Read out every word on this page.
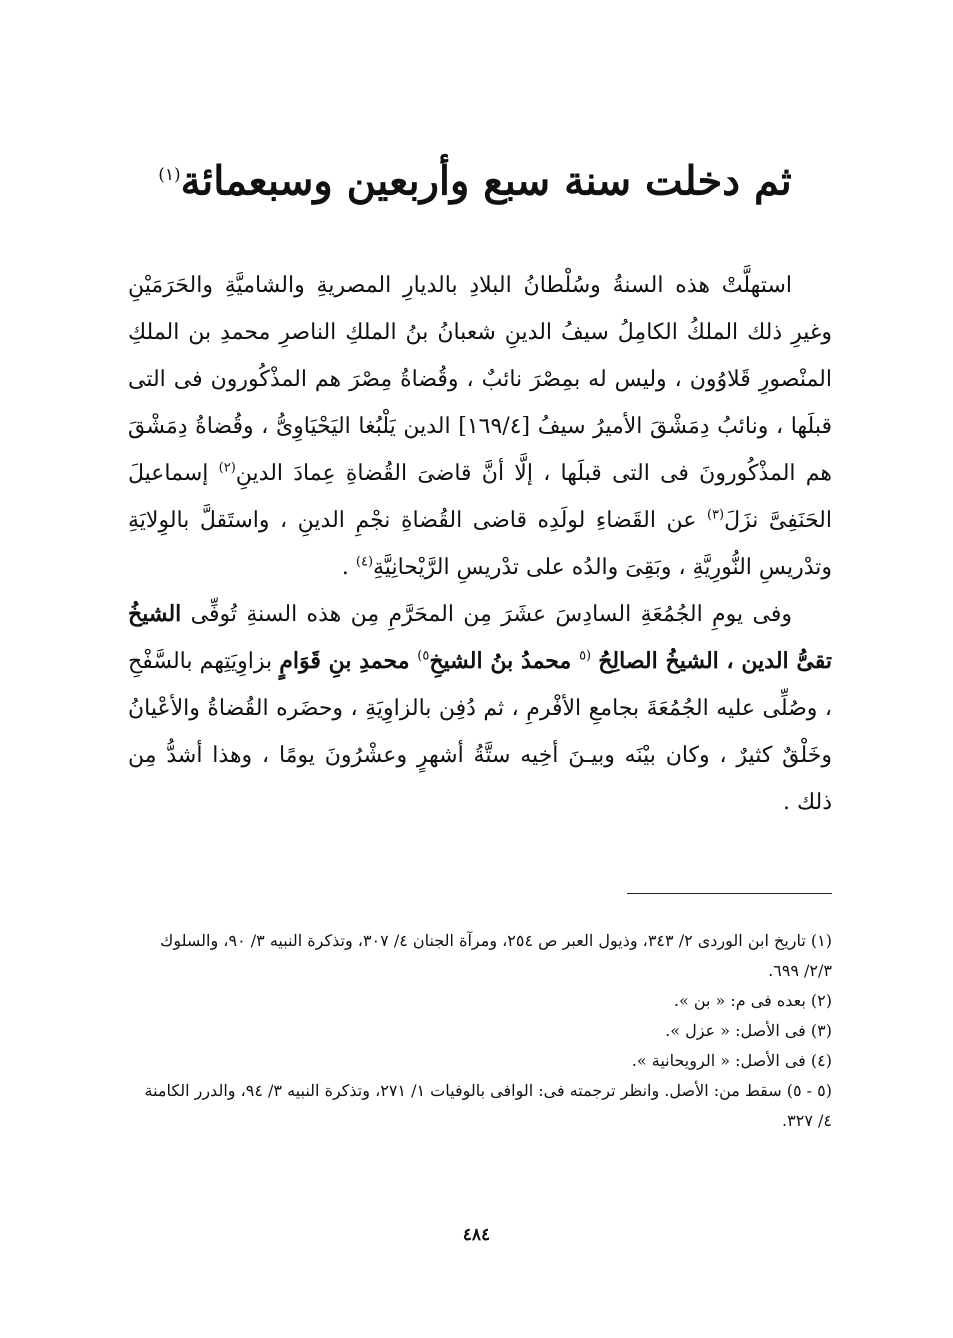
ثم دخلت سنة سبع وأربعين وسبعمائة$^{(١)}$

استهلَّتْ هذه السنةُ وسُلْطانُ البلادِ بالديارِ المصريةِ والشاميَّةِ والحَرَمَيْنِ وغيرِ ذلك الملكُ الكامِلُ سيفُ الدينِ شعبانُ بنُ الملكِ الناصرِ محمدِ بن الملكِ المنْصورِ قَلاوُون ، وليس له بمِصْرَ نائبٌ ، وقُضاةُ مِصْرَ هم المذْكُورون فى التى قبلَها ، ونائبُ دِمَشْقَ الأميرُ سيفُ [١٦٩/٤] الدين يَلْبُغا اليَحْيَاوِىُّ ، وقُضاةُ دِمَشْقَ هم المذْكُورونَ فى التى قبلَها ، إلَّا أنَّ قاضىَ القُضاةِ عِمادَ الدينِ$^{(٢)}$ إسماعيلَ الحَنَفِىَّ نزَلَ$^{(٣)}$ عن القَضاءِ لولَدِه قاضى القُضاةِ نجْمِ الدينِ ، واستَقلَّ بالوِلايَةِ وتدْريسِ النُّورِيَّةِ ، وبَقِىَ والدُه على تدْريسِ الرَّيْحانِيَّةِ$^{(٤)}$ .

وفى يومِ الجُمُعَةِ السادِسَ عشَرَ مِن المحَرَّمِ مِن هذه السنةِ تُوفِّى الشيخُ تقىُّ الدين ، الشيخُ الصالِحُ $^{(٥}$ محمدُ بنُ الشيخِ$^{٥)}$ محمدِ بنِ قَوَامٍ بزاوِيَتِهم بالسَّفْحِ ، وصُلِّى عليه الجُمُعَةَ بجامعِ الأفْرمِ ، ثم دُفِن بالزاوِيَةِ ، وحضَره القُضاةُ والأعْيانُ وخَلْقٌ كثيرٌ ، وكان بيْنَه وبيـنَ أخِيه ستَّةُ أشهرٍ وعشْرُونَ يومًا ، وهذا أشدُّ مِن ذلك .

(١) تاريخ ابن الوردى ٢/ ٣٤٣، وذيول العبر ص ٢٥٤، ومرآة الجنان ٤/ ٣٠٧، وتذكرة النبيه ٣/ ٩٠، والسلوك ٢/٣/ ٦٩٩.

(٢) بعده فى م: « بن ».

(٣) فى الأصل: « عزل ».

(٤) فى الأصل: « الرويحانية ».

(٥ - ٥) سقط من: الأصل. وانظر ترجمته فى: الوافى بالوفيات ١/ ٢٧١، وتذكرة النبيه ٣/ ٩٤، والدرر الكامنة ٤/ ٣٢٧.

٤٨٤
